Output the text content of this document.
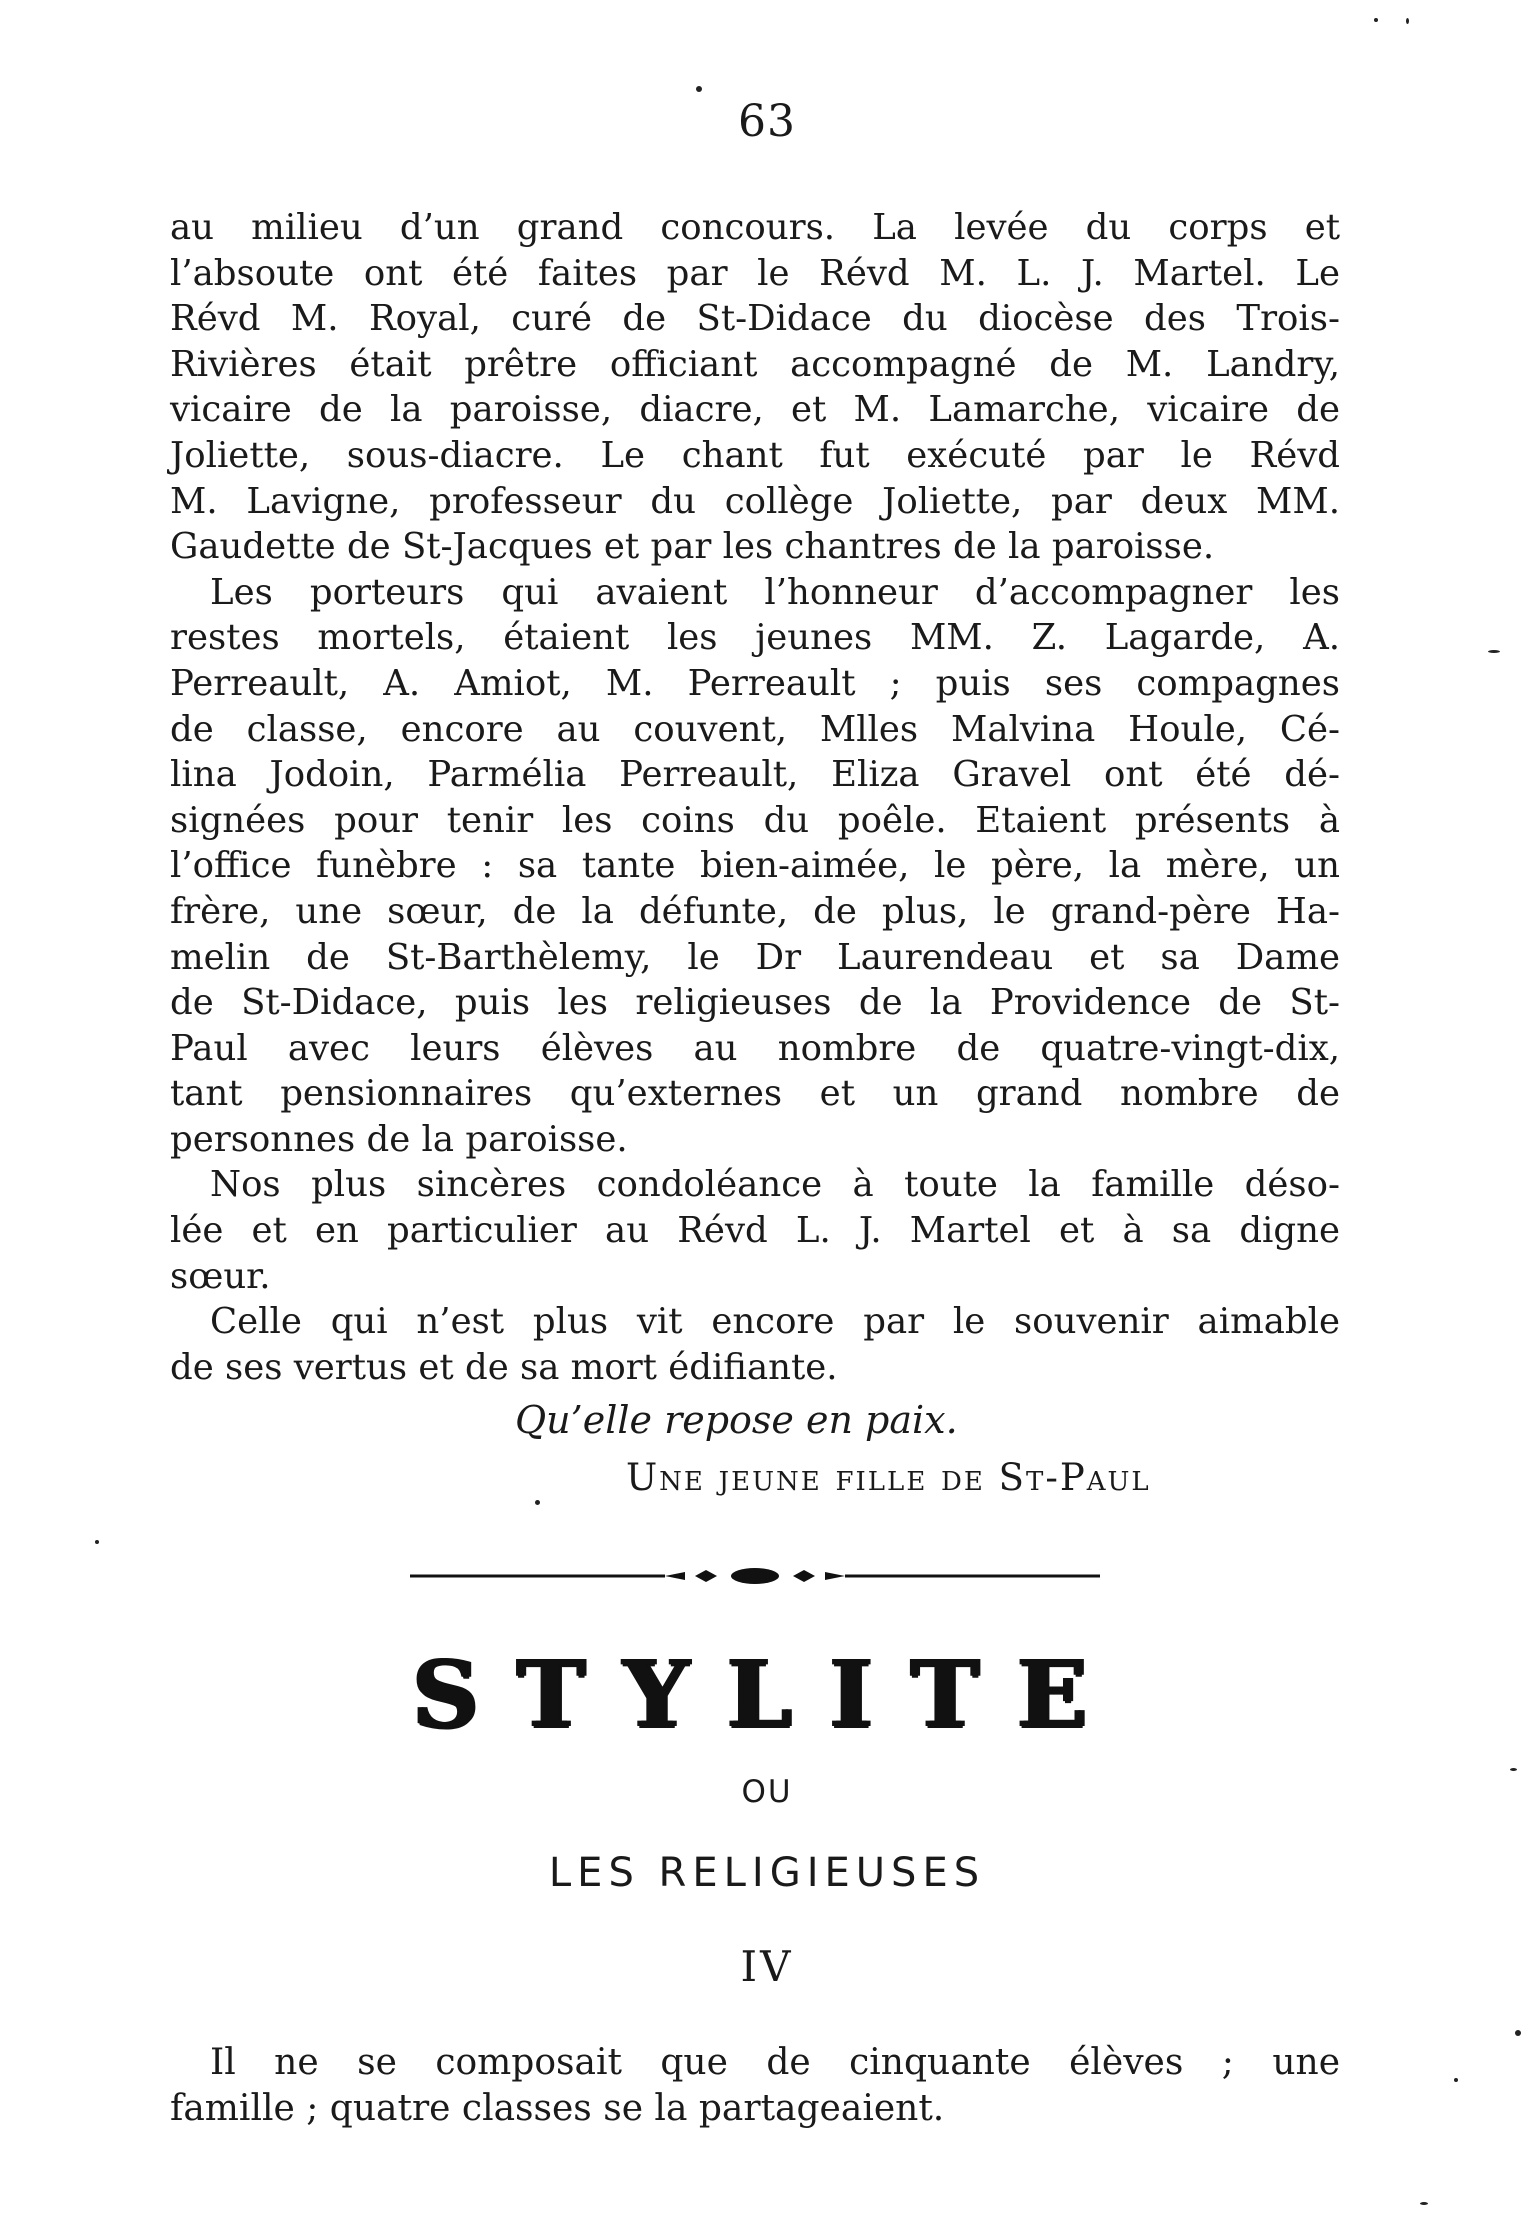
63
au milieu d’un grand concours. La levée du corps et
l’absoute ont été faites par le Révd M. L. J. Martel. Le
Révd M. Royal, curé de St-Didace du diocèse des Trois-
Rivières était prêtre officiant accompagné de M. Landry,
vicaire de la paroisse, diacre, et M. Lamarche, vicaire de
Joliette, sous-diacre. Le chant fut exécuté par le Révd
M. Lavigne, professeur du collège Joliette, par deux MM.
Gaudette de St-Jacques et par les chantres de la paroisse.
Les porteurs qui avaient l’honneur d’accompagner les
restes mortels, étaient les jeunes MM. Z. Lagarde, A.
Perreault, A. Amiot, M. Perreault ; puis ses compagnes
de classe, encore au couvent, Mlles Malvina Houle, Cé-
lina Jodoin, Parmélia Perreault, Eliza Gravel ont été dé-
signées pour tenir les coins du poêle. Etaient présents à
l’office funèbre : sa tante bien-aimée, le père, la mère, un
frère, une sœur, de la défunte, de plus, le grand-père Ha-
melin de St-Barthèlemy, le Dr Laurendeau et sa Dame
de St-Didace, puis les religieuses de la Providence de St-
Paul avec leurs élèves au nombre de quatre-vingt-dix,
tant pensionnaires qu’externes et un grand nombre de
personnes de la paroisse.
Nos plus sincères condoléance à toute la famille déso-
lée et en particulier au Révd L. J. Martel et à sa digne
sœur.
Celle qui n’est plus vit encore par le souvenir aimable
de ses vertus et de sa mort édifiante.
Qu’elle repose en paix.
Une jeune fille de St-Paul
STYLITE
OU
LES RELIGIEUSES
IV
Il ne se composait que de cinquante élèves ; une
famille ; quatre classes se la partageaient.
